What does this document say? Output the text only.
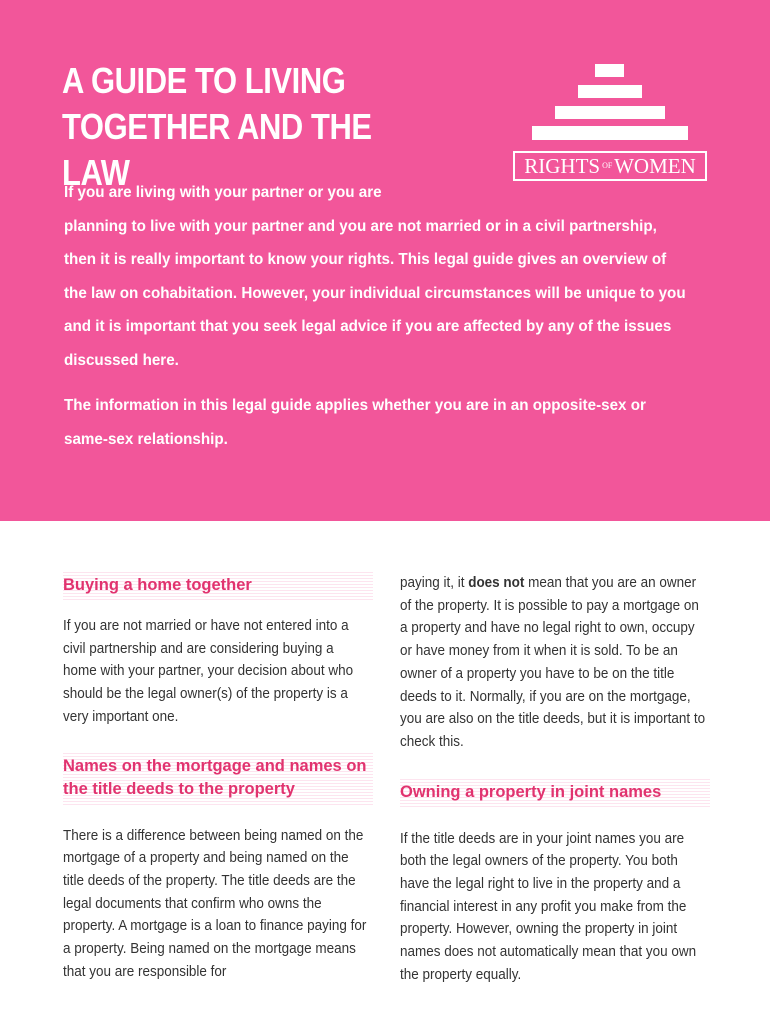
A GUIDE TO LIVING
TOGETHER AND THE LAW	RIGHTS OF WOMEN

If you are living with your partner or you are
planning to live with your partner and you are not married or in a civil partnership, then it is really important to know your rights. This legal guide gives an overview of the law on cohabitation. However, your individual circumstances will be unique to you and it is important that you seek legal advice if you are affected by any of the issues discussed here.

The information in this legal guide applies whether you are in an opposite-sex or same-sex relationship.

Buying a home together

If you are not married or have not entered into a civil partnership and are considering buying a home with your partner, your decision about who should be the legal owner(s) of the property is a very important one.

Names on the mortgage and names on the title deeds to the property

There is a difference between being named on the mortgage of a property and being named on the title deeds of the property. The title deeds are the legal documents that confirm who owns the property. A mortgage is a loan to finance paying for a property. Being named on the mortgage means that you are responsible for

paying it, it does not mean that you are an owner of the property. It is possible to pay a mortgage on a property and have no legal right to own, occupy or have money from it when it is sold. To be an owner of a property you have to be on the title deeds to it. Normally, if you are on the mortgage, you are also on the title deeds, but it is important to check this.

Owning a property in joint names

If the title deeds are in your joint names you are both the legal owners of the property. You both have the legal right to live in the property and a financial interest in any profit you make from the property. However, owning the property in joint names does not automatically mean that you own the property equally.
